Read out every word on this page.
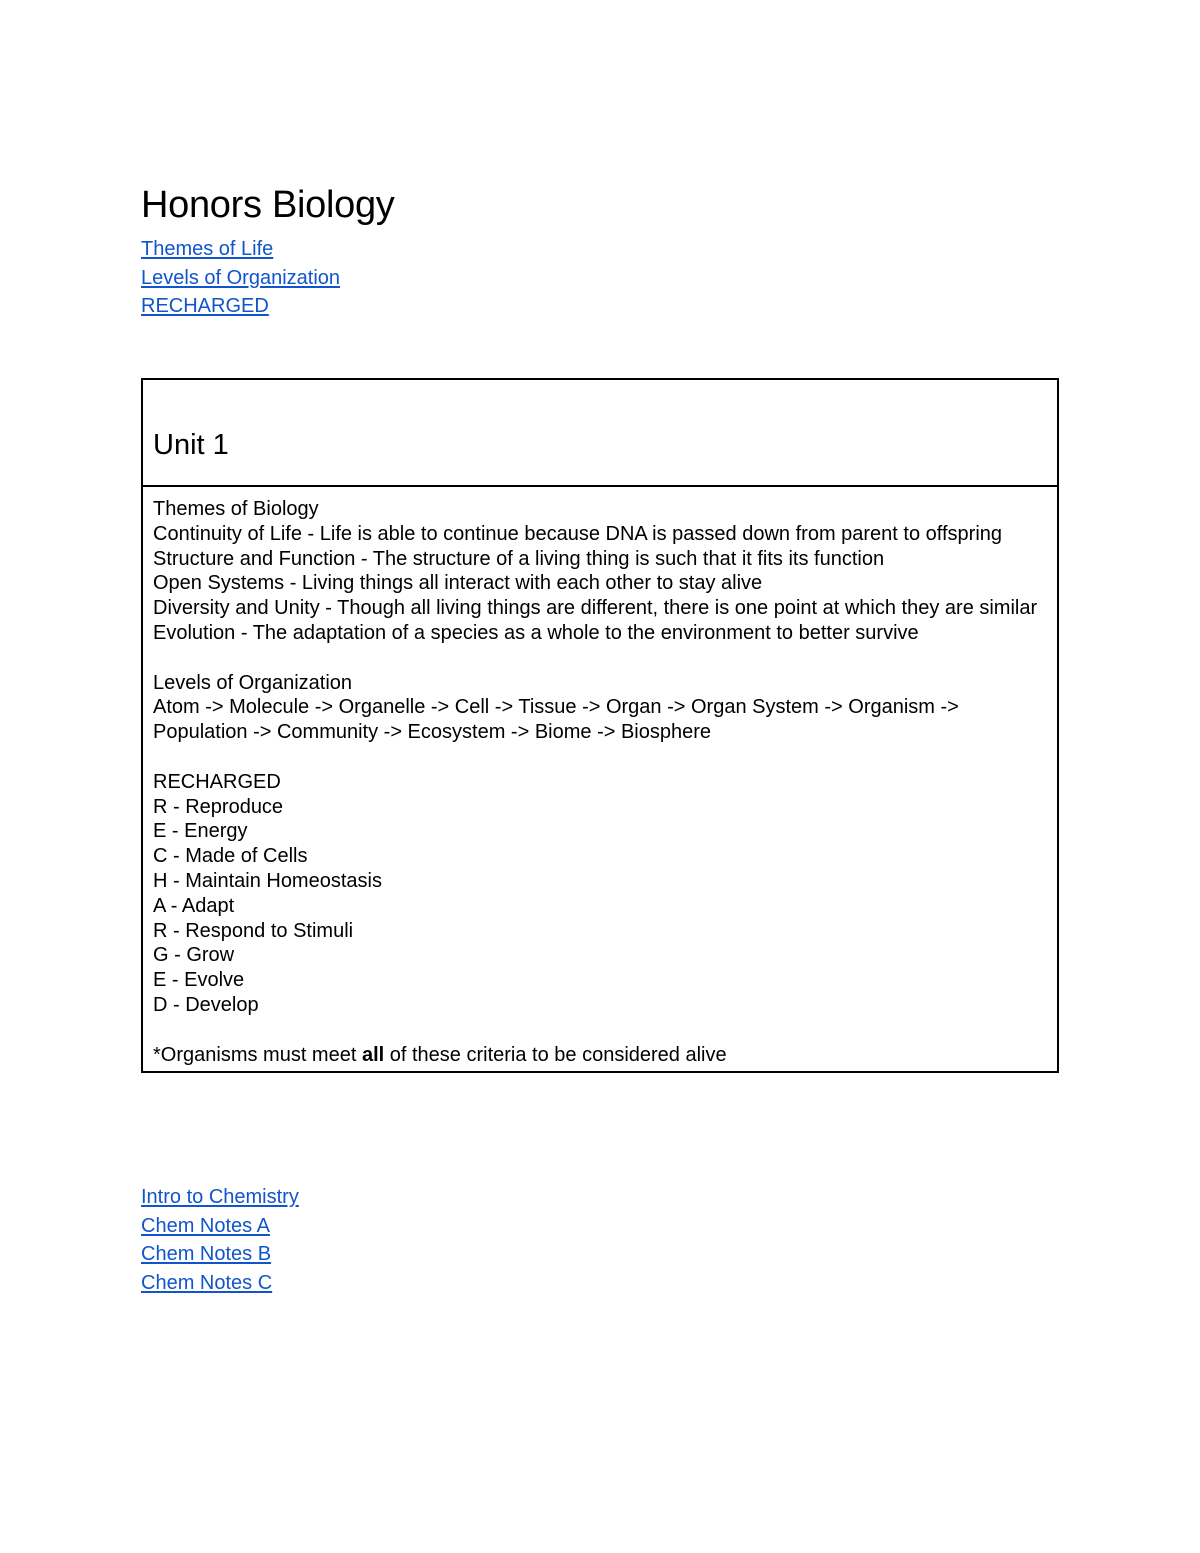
Honors Biology
Themes of Life
Levels of Organization
RECHARGED
Unit 1

Themes of Biology

Continuity of Life - Life is able to continue because DNA is passed down from parent to offspring

Structure and Function - The structure of a living thing is such that it fits its function

Open Systems - Living things all interact with each other to stay alive

Diversity and Unity - Though all living things are different, there is one point at which they are similar

Evolution - The adaptation of a species as a whole to the environment to better survive

Levels of Organization

Atom -> Molecule -> Organelle -> Cell -> Tissue -> Organ -> Organ System -> Organism -> Population -> Community -> Ecosystem -> Biome -> Biosphere

RECHARGED

R - Reproduce

E - Energy

C - Made of Cells

H - Maintain Homeostasis

A - Adapt

R - Respond to Stimuli

G - Grow

E - Evolve

D - Develop

*Organisms must meet all of these criteria to be considered alive

Intro to Chemistry
Chem Notes A
Chem Notes B
Chem Notes C
